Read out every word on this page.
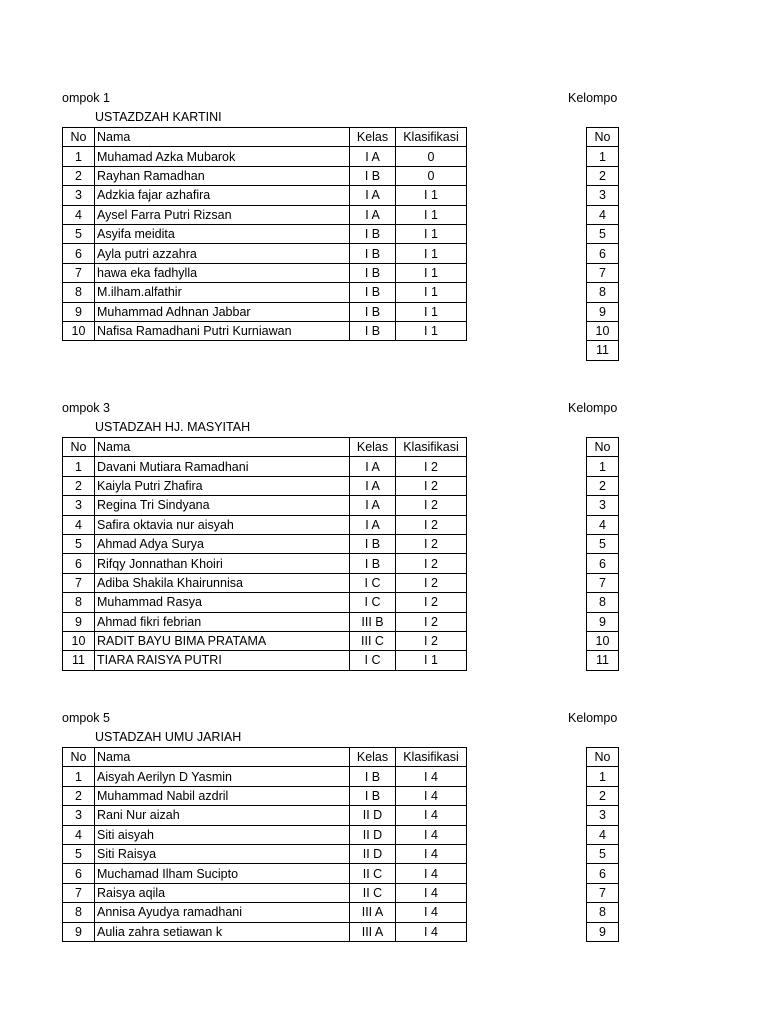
ompok 1	Kelompo
USTAZDZAH KARTINI
No	Nama	Kelas	Klasifikasi
1	Muhamad Azka Mubarok	I A	0
2	Rayhan Ramadhan	I B	0
3	Adzkia fajar azhafira	I A	I 1
4	Aysel Farra Putri Rizsan	I A	I 1
5	Asyifa meidita	I B	I 1
6	Ayla putri azzahra	I B	I 1
7	hawa eka fadhylla	I B	I 1
8	M.ilham.alfathir	I B	I 1
9	Muhammad Adhnan Jabbar	I B	I 1
10	Nafisa Ramadhani Putri Kurniawan	I B	I 1
No
1
2
3
4
5
6
7
8
9
10
11
ompok 3	Kelompo
USTADZAH HJ. MASYITAH
No	Nama	Kelas	Klasifikasi
1	Davani Mutiara Ramadhani	I A	I 2
2	Kaiyla Putri Zhafira	I A	I 2
3	Regina Tri Sindyana	I A	I 2
4	Safira oktavia nur aisyah	I A	I 2
5	Ahmad Adya Surya	I B	I 2
6	Rifqy Jonnathan Khoiri	I B	I 2
7	Adiba Shakila Khairunnisa	I C	I 2
8	Muhammad Rasya	I C	I 2
9	Ahmad fikri febrian	III B	I 2
10	RADIT BAYU BIMA PRATAMA	III C	I 2
11	TIARA RAISYA PUTRI	I C	I 1
No
1
2
3
4
5
6
7
8
9
10
11
ompok 5	Kelompo
USTADZAH UMU JARIAH
No	Nama	Kelas	Klasifikasi
1	Aisyah Aerilyn D Yasmin	I B	I 4
2	Muhammad Nabil azdril	I B	I 4
3	Rani Nur aizah	II D	I 4
4	Siti aisyah	II D	I 4
5	Siti Raisya	II D	I 4
6	Muchamad Ilham Sucipto	II C	I 4
7	Raisya aqila	II C	I 4
8	Annisa Ayudya ramadhani	III A	I 4
9	Aulia zahra setiawan k	III A	I 4
No
1
2
3
4
5
6
7
8
9
